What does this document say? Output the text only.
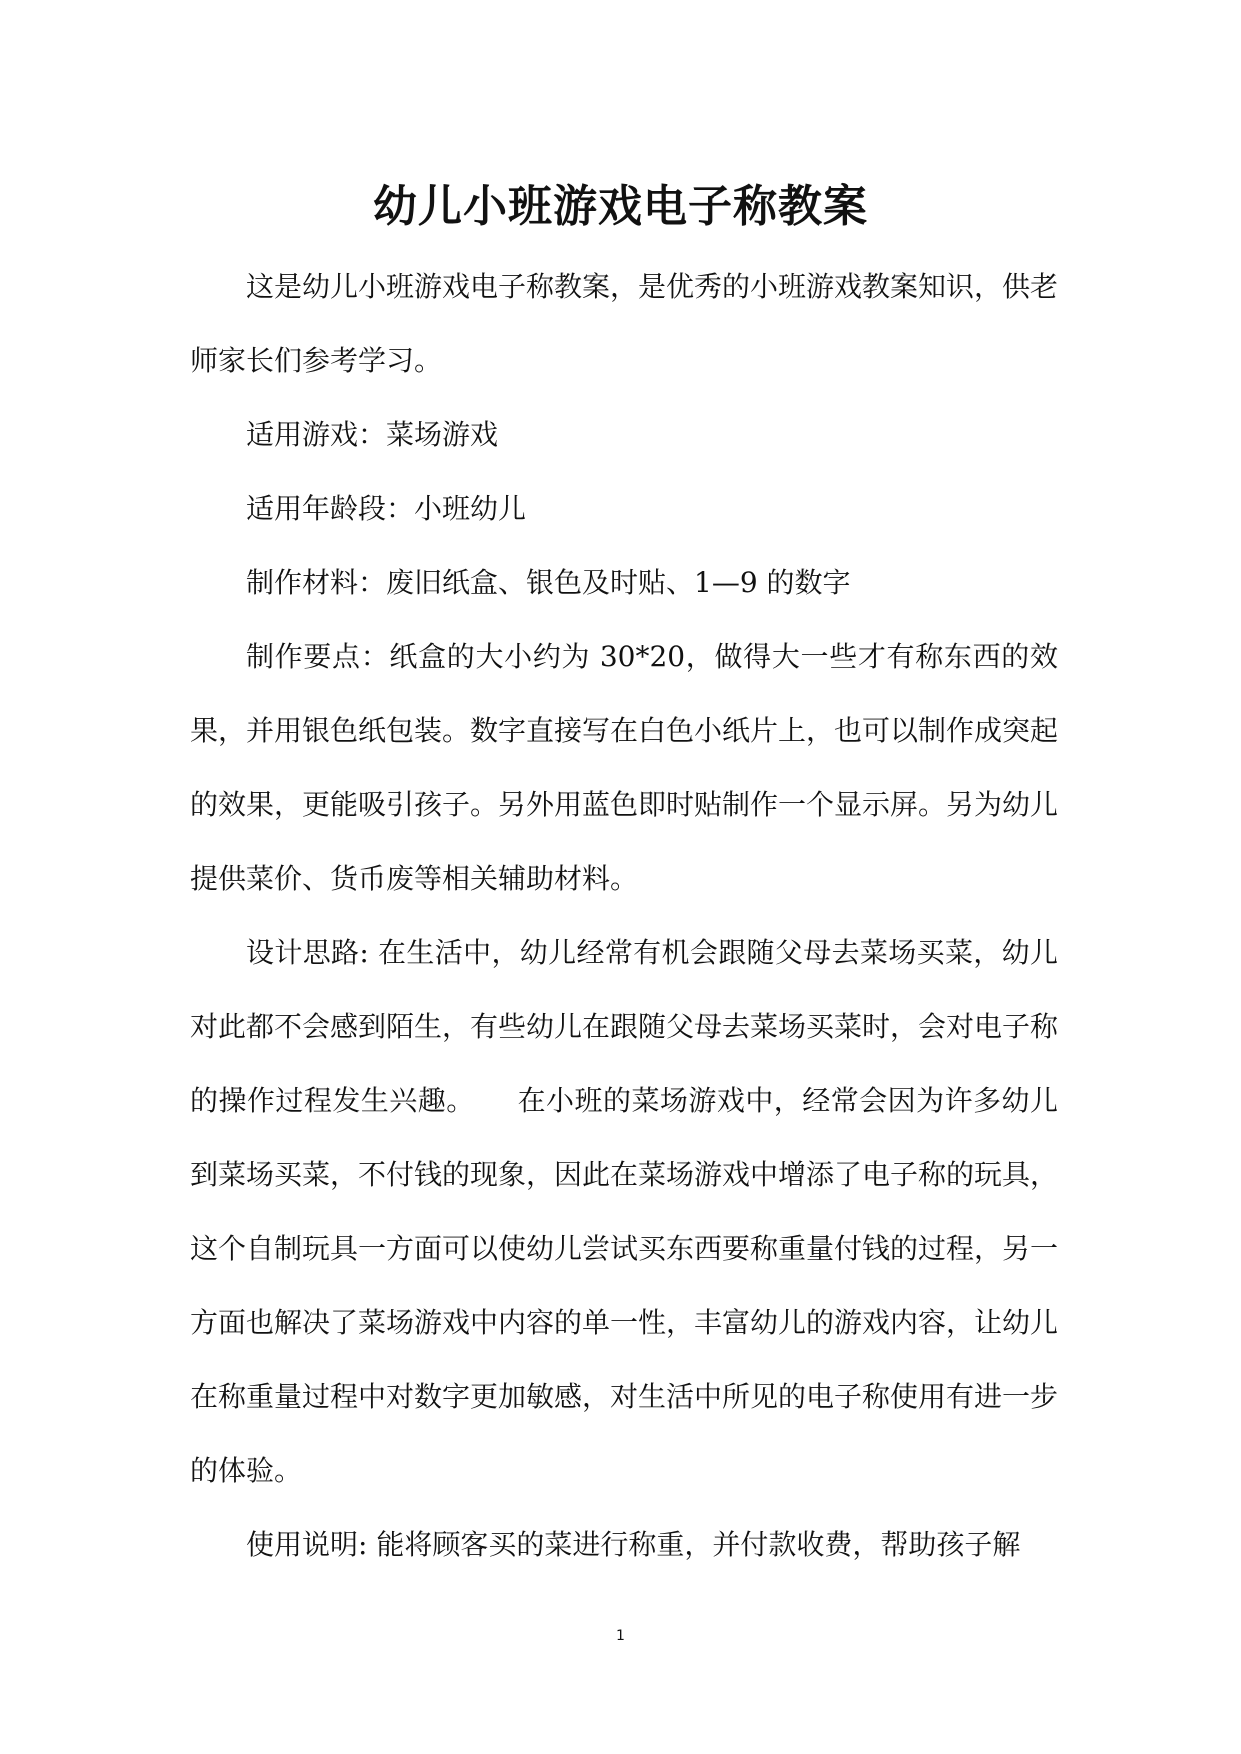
幼儿小班游戏电子称教案

这是幼儿小班游戏电子称教案，是优秀的小班游戏教案知识，供老师家长们参考学习。

适用游戏：菜场游戏

适用年龄段：小班幼儿

制作材料：废旧纸盒、银色及时贴、1—9 的数字

制作要点：纸盒的大小约为 30*20，做得大一些才有称东西的效果，并用银色纸包装。数字直接写在白色小纸片上，也可以制作成突起的效果，更能吸引孩子。另外用蓝色即时贴制作一个显示屏。另为幼儿提供菜价、货币废等相关辅助材料。

设计思路: 在生活中，幼儿经常有机会跟随父母去菜场买菜，幼儿对此都不会感到陌生，有些幼儿在跟随父母去菜场买菜时，会对电子称的操作过程发生兴趣。　　在小班的菜场游戏中，经常会因为许多幼儿到菜场买菜，不付钱的现象，因此在菜场游戏中增添了电子称的玩具，这个自制玩具一方面可以使幼儿尝试买东西要称重量付钱的过程，另一方面也解决了菜场游戏中内容的单一性，丰富幼儿的游戏内容，让幼儿在称重量过程中对数字更加敏感，对生活中所见的电子称使用有进一步的体验。

使用说明: 能将顾客买的菜进行称重，并付款收费，帮助孩子解

1
